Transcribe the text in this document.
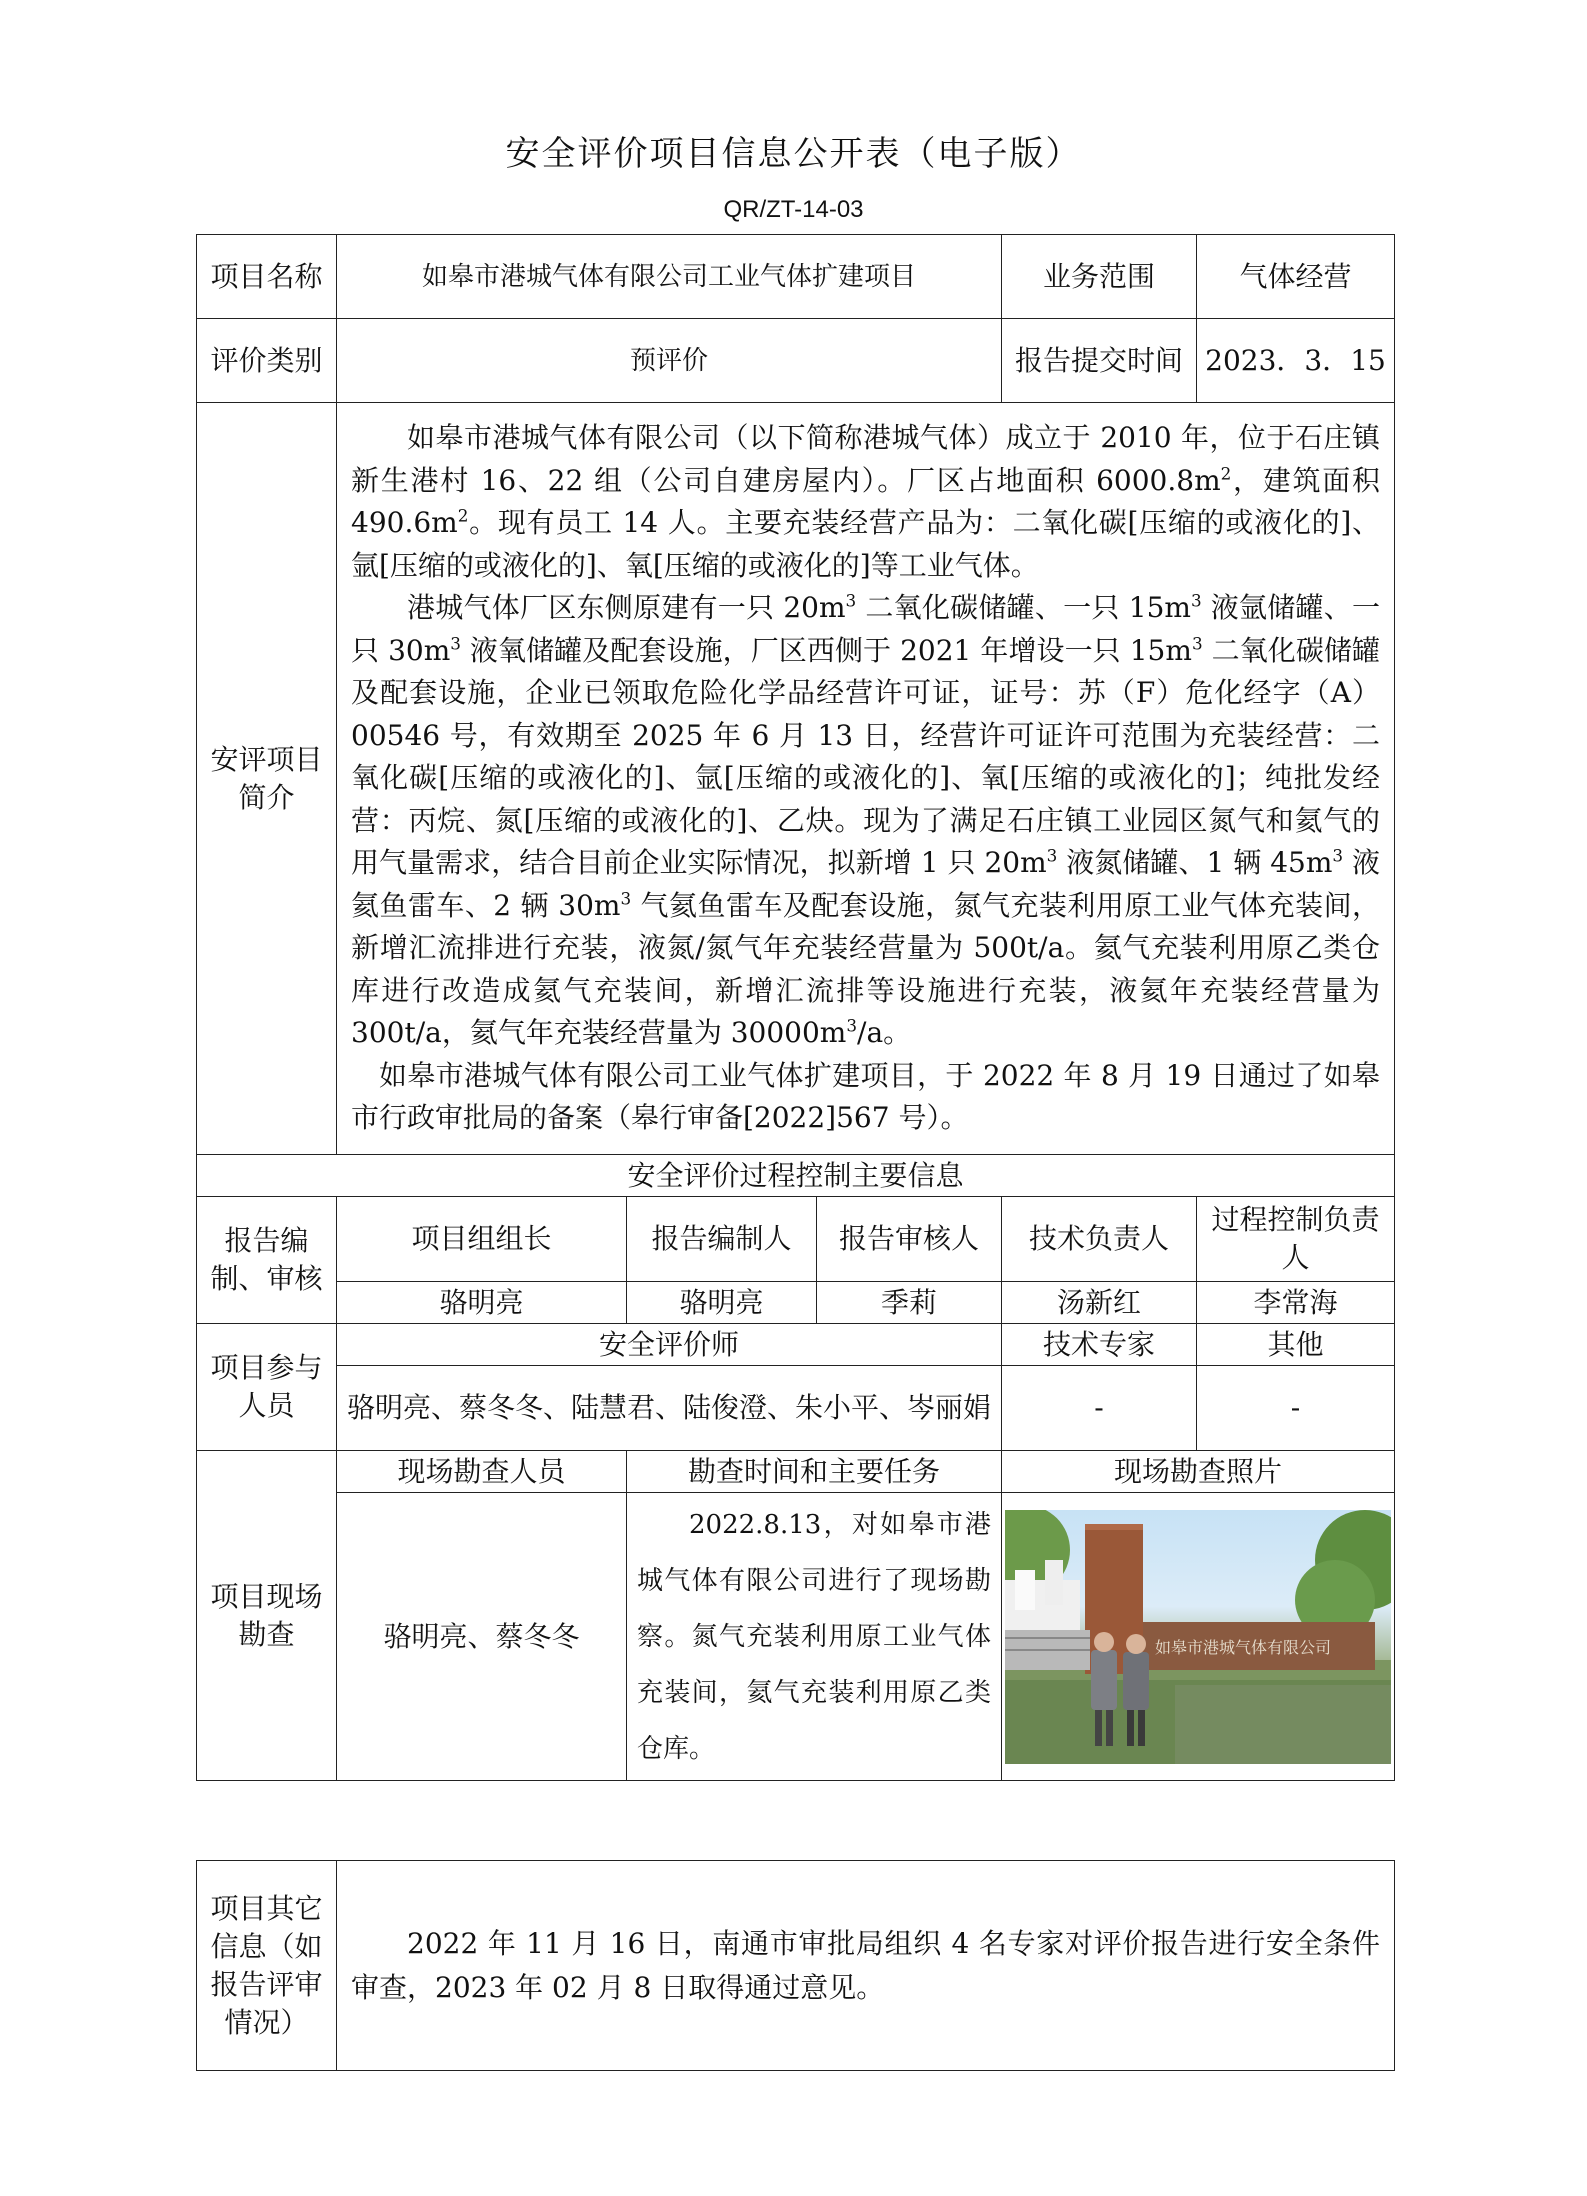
安全评价项目信息公开表（电子版）
QR/ZT-14-03
项目名称	如皋市港城气体有限公司工业气体扩建项目			业务范围	气体经营
评价类别	预评价			报告提交时间	2023．3．15
安评项目简介	如皋市港城气体有限公司（以下简称港城气体）成立于 2010 年，位于石庄镇新生港村 16、22 组（公司自建房屋内）。厂区占地面积 $6000.8m^2$，建筑面积 $490.6m^2$。现有员工 14 人。主要充装经营产品为：二氧化碳[压缩的或液化的]、氩[压缩的或液化的]、氧[压缩的或液化的]等工业气体。

港城气体厂区东侧原建有一只 $20m^3$ 二氧化碳储罐、一只 $15m^3$ 液氩储罐、一只 $30m^3$ 液氧储罐及配套设施，厂区西侧于 2021 年增设一只 $15m^3$ 二氧化碳储罐及配套设施，企业已领取危险化学品经营许可证，证号：苏（F）危化经字（A）00546 号，有效期至 2025 年 6 月 13 日，经营许可证许可范围为充装经营：二氧化碳[压缩的或液化的]、氩[压缩的或液化的]、氧[压缩的或液化的]；纯批发经营：丙烷、氮[压缩的或液化的]、乙炔。现为了满足石庄镇工业园区氮气和氦气的用气量需求，结合目前企业实际情况，拟新增 1 只 $20m^3$ 液氮储罐、1 辆 $45m^3$ 液氦鱼雷车、2 辆 $30m^3$ 气氦鱼雷车及配套设施，氮气充装利用原工业气体充装间，新增汇流排进行充装，液氮/氮气年充装经营量为 500t/a。氦气充装利用原乙类仓库进行改造成氦气充装间，新增汇流排等设施进行充装，液氦年充装经营量为 300t/a，氦气年充装经营量为 $30000m^3/a$。

如皋市港城气体有限公司工业气体扩建项目，于 2022 年 8 月 19 日通过了如皋市行政审批局的备案（皋行审备[2022]567 号）。				

安全评价过程控制主要信息					
报告编制、审核	项目组组长	报告编制人	报告审核人	技术负责人	过程控制负责人
	骆明亮	骆明亮	季莉	汤新红	李常海
项目参与人员	安全评价师			技术专家	其他
	骆明亮、蔡冬冬、陆慧君、陆俊澄、朱小平、岑丽娟			-	-
项目现场勘查	现场勘查人员	勘查时间和主要任务		现场勘查照片	
	骆明亮、蔡冬冬	2022.8.13，对如皋市港城气体有限公司进行了现场勘察。氮气充装利用原工业气体充装间，氦气充装利用原乙类仓库。		如皋市港城气体有限公司	
项目其它信息（如报告评审情况）	

2022 年 11 月 16 日，南通市审批局组织 4 名专家对评价报告进行安全条件审查，2023 年 02 月 8 日取得通过意见。
